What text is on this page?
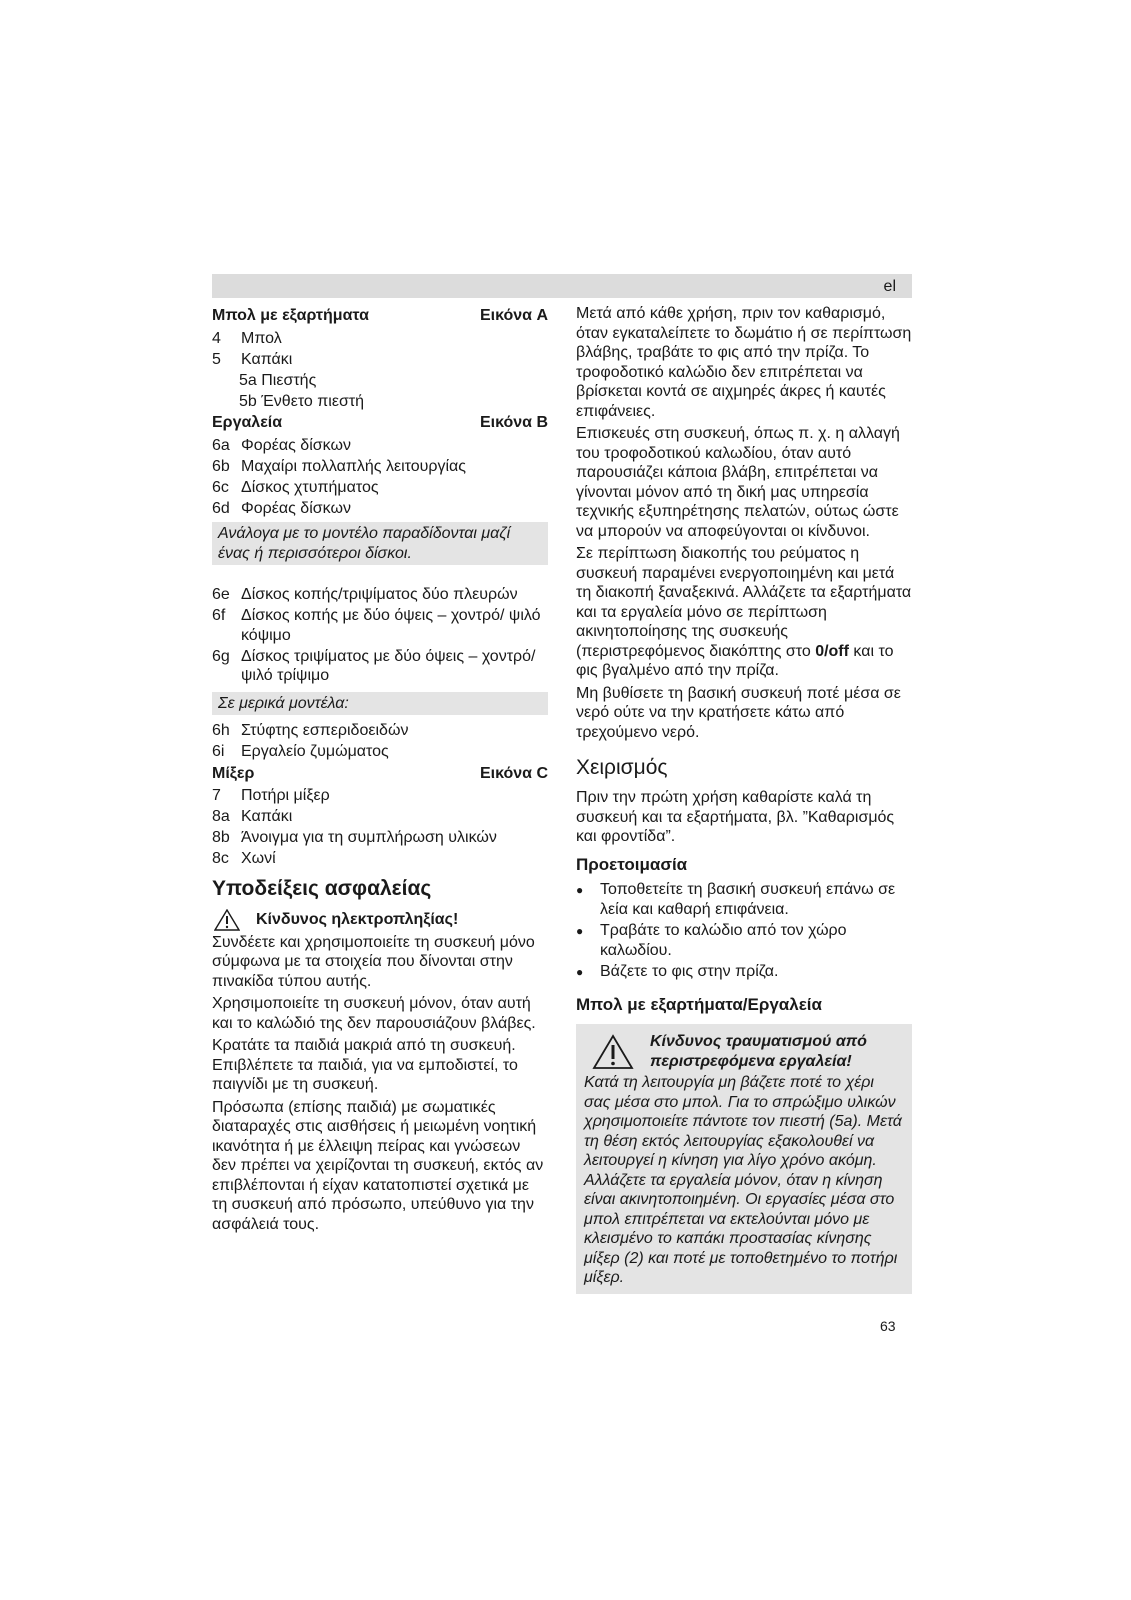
el
Μπολ με εξαρτήματα	Εικόνα A
4	Μπολ
5	Καπάκι
5a Πιεστής
5b Ένθετο πιεστή
Εργαλεία	Εικόνα B
6a Φορέας δίσκων
6b Μαχαίρι πολλαπλής λειτουργίας
6c Δίσκος χτυπήματος
6d Φορέας δίσκων
Ανάλογα με το μοντέλο παραδίδονται μαζί ένας ή περισσότεροι δίσκοι.
6e Δίσκος κοπής/τριψίματος δύο πλευρών
6f Δίσκος κοπής με δύο όψεις – χοντρό/ ψιλό κόψιμο
6g Δίσκος τριψίματος με δύο όψεις – χοντρό/ψιλό τρίψιμο
Σε μερικά μοντέλα:
6h Στύφτης εσπεριδοειδών
6i	Εργαλείο ζυμώματος
Μίξερ	Εικόνα C
7	Ποτήρι μίξερ
8a Καπάκι
8b Άνοιγμα για τη συμπλήρωση υλικών
8c Χωνί
Υποδείξεις ασφαλείας
Κίνδυνος ηλεκτροπληξίας!

Συνδέετε και χρησιμοποιείτε τη συσκευή μόνο σύμφωνα με τα στοιχεία που δίνονται στην πινακίδα τύπου αυτής.

Χρησιμοποιείτε τη συσκευή μόνον, όταν αυτή και το καλώδιό της δεν παρουσιάζουν βλάβες.

Κρατάτε τα παιδιά μακριά από τη συσκευή. Επιβλέπετε τα παιδιά, για να εμποδιστεί, το παιγνίδι με τη συσκευή.

Πρόσωπα (επίσης παιδιά) με σωματικές διαταραχές στις αισθήσεις ή μειωμένη νοητική ικανότητα ή με έλλειψη πείρας και γνώσεων δεν πρέπει να χειρίζονται τη συσκευή, εκτός αν επιβλέπονται ή είχαν κατατοπιστεί σχετικά με τη συσκευή από πρόσωπο, υπεύθυνο για την ασφάλειά τους.

Μετά από κάθε χρήση, πριν τον καθαρισμό, όταν εγκαταλείπετε το δωμάτιο ή σε περίπτωση βλάβης, τραβάτε το φις από την πρίζα. Το τροφοδοτικό καλώδιο δεν επιτρέπεται να βρίσκεται κοντά σε αιχμηρές άκρες ή καυτές επιφάνειες.

Επισκευές στη συσκευή, όπως π. χ. η αλλαγή του τροφοδοτικού καλωδίου, όταν αυτό παρουσιάζει κάποια βλάβη, επιτρέπεται να γίνονται μόνον από τη δική μας υπηρεσία τεχνικής εξυπηρέτησης πελατών, ούτως ώστε να μπορούν να αποφεύγονται οι κίνδυνοι.

Σε περίπτωση διακοπής του ρεύματος η συσκευή παραμένει ενεργοποιημένη και μετά τη διακοπή ξαναξεκινά. Αλλάζετε τα εξαρτήματα και τα εργαλεία μόνο σε περίπτωση ακινητοποίησης της συσκευής (περιστρεφόμενος διακόπτης στο 0/off και το φις βγαλμένο από την πρίζα.

Μη βυθίσετε τη βασική συσκευή ποτέ μέσα σε νερό ούτε να την κρατήσετε κάτω από τρεχούμενο νερό.

Χειρισμός

Πριν την πρώτη χρήση καθαρίστε καλά τη συσκευή και τα εξαρτήματα, βλ. ”Καθαρισμός και φροντίδα”.

Προετοιμασία
●	Τοποθετείτε τη βασική συσκευή επάνω σε λεία και καθαρή επιφάνεια.
●	Τραβάτε το καλώδιο από τον χώρο καλωδίου.
●	Βάζετε το φις στην πρίζα.
Μπολ με εξαρτήματα/Εργαλεία
Κίνδυνος τραυματισμού από περιστρεφόμενα εργαλεία!
Κατά τη λειτουργία μη βάζετε ποτέ το χέρι σας μέσα στο μπολ. Για το σπρώξιμο υλικών χρησιμοποιείτε πάντοτε τον πιεστή (5a). Μετά τη θέση εκτός λειτουργίας εξακολουθεί να λειτουργεί η κίνηση για λίγο χρόνο ακόμη. Αλλάζετε τα εργαλεία μόνον, όταν η κίνηση είναι ακινητοποιημένη. Οι εργασίες μέσα στο μπολ επιτρέπεται να εκτελούνται μόνο με κλεισμένο το καπάκι προστασίας κίνησης μίξερ (2) και ποτέ με τοποθετημένο το ποτήρι μίξερ.
63
